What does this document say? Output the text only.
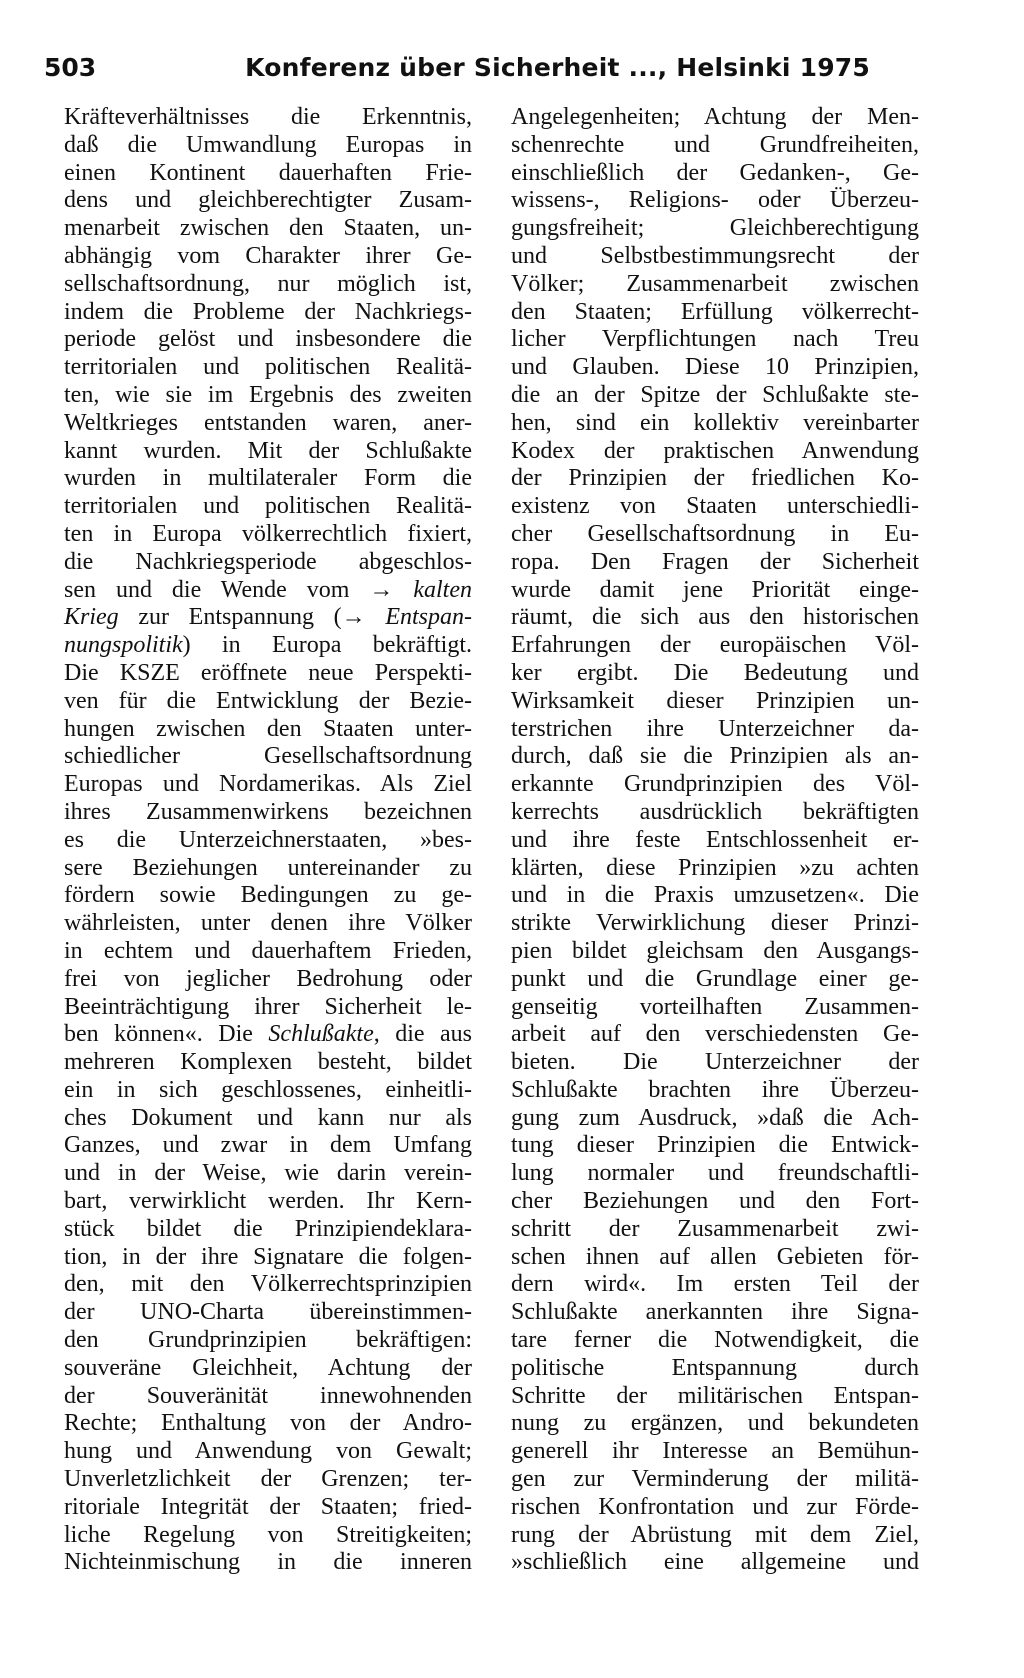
503	Konferenz über Sicherheit ..., Helsinki 1975
Kräfteverhältnisses die Erkenntnis,
daß die Umwandlung Europas in
einen Kontinent dauerhaften Frie-
dens und gleichberechtigter Zusam-
menarbeit zwischen den Staaten, un-
abhängig vom Charakter ihrer Ge-
sellschaftsordnung, nur möglich ist,
indem die Probleme der Nachkriegs-
periode gelöst und insbesondere die
territorialen und politischen Realitä-
ten, wie sie im Ergebnis des zweiten
Weltkrieges entstanden waren, aner-
kannt wurden. Mit der Schlußakte
wurden in multilateraler Form die
territorialen und politischen Realitä-
ten in Europa völkerrechtlich fixiert,
die Nachkriegsperiode abgeschlos-
sen und die Wende vom → kalten
Krieg zur Entspannung (→ Entspan-
nungspolitik) in Europa bekräftigt.
Die KSZE eröffnete neue Perspekti-
ven für die Entwicklung der Bezie-
hungen zwischen den Staaten unter-
schiedlicher Gesellschaftsordnung
Europas und Nordamerikas. Als Ziel
ihres Zusammenwirkens bezeichnen
es die Unterzeichnerstaaten, »bes-
sere Beziehungen untereinander zu
fördern sowie Bedingungen zu ge-
währleisten, unter denen ihre Völker
in echtem und dauerhaftem Frieden,
frei von jeglicher Bedrohung oder
Beeinträchtigung ihrer Sicherheit le-
ben können«. Die Schlußakte, die aus
mehreren Komplexen besteht, bildet
ein in sich geschlossenes, einheitli-
ches Dokument und kann nur als
Ganzes, und zwar in dem Umfang
und in der Weise, wie darin verein-
bart, verwirklicht werden. Ihr Kern-
stück bildet die Prinzipiendeklara-
tion, in der ihre Signatare die folgen-
den, mit den Völkerrechtsprinzipien
der UNO-Charta übereinstimmen-
den Grundprinzipien bekräftigen:
souveräne Gleichheit, Achtung der
der Souveränität innewohnenden
Rechte; Enthaltung von der Andro-
hung und Anwendung von Gewalt;
Unverletzlichkeit der Grenzen; ter-
ritoriale Integrität der Staaten; fried-
liche Regelung von Streitigkeiten;
Nichteinmischung in die inneren
Angelegenheiten; Achtung der Men-
schenrechte und Grundfreiheiten,
einschließlich der Gedanken-, Ge-
wissens-, Religions- oder Überzeu-
gungsfreiheit; Gleichberechtigung
und Selbstbestimmungsrecht der
Völker; Zusammenarbeit zwischen
den Staaten; Erfüllung völkerrecht-
licher Verpflichtungen nach Treu
und Glauben. Diese 10 Prinzipien,
die an der Spitze der Schlußakte ste-
hen, sind ein kollektiv vereinbarter
Kodex der praktischen Anwendung
der Prinzipien der friedlichen Ko-
existenz von Staaten unterschiedli-
cher Gesellschaftsordnung in Eu-
ropa. Den Fragen der Sicherheit
wurde damit jene Priorität einge-
räumt, die sich aus den historischen
Erfahrungen der europäischen Völ-
ker ergibt. Die Bedeutung und
Wirksamkeit dieser Prinzipien un-
terstrichen ihre Unterzeichner da-
durch, daß sie die Prinzipien als an-
erkannte Grundprinzipien des Völ-
kerrechts ausdrücklich bekräftigten
und ihre feste Entschlossenheit er-
klärten, diese Prinzipien »zu achten
und in die Praxis umzusetzen«. Die
strikte Verwirklichung dieser Prinzi-
pien bildet gleichsam den Ausgangs-
punkt und die Grundlage einer ge-
genseitig vorteilhaften Zusammen-
arbeit auf den verschiedensten Ge-
bieten. Die Unterzeichner der
Schlußakte brachten ihre Überzeu-
gung zum Ausdruck, »daß die Ach-
tung dieser Prinzipien die Entwick-
lung normaler und freundschaftli-
cher Beziehungen und den Fort-
schritt der Zusammenarbeit zwi-
schen ihnen auf allen Gebieten för-
dern wird«. Im ersten Teil der
Schlußakte anerkannten ihre Signa-
tare ferner die Notwendigkeit, die
politische Entspannung durch
Schritte der militärischen Entspan-
nung zu ergänzen, und bekundeten
generell ihr Interesse an Bemühun-
gen zur Verminderung der militä-
rischen Konfrontation und zur Förde-
rung der Abrüstung mit dem Ziel,
»schließlich eine allgemeine und
